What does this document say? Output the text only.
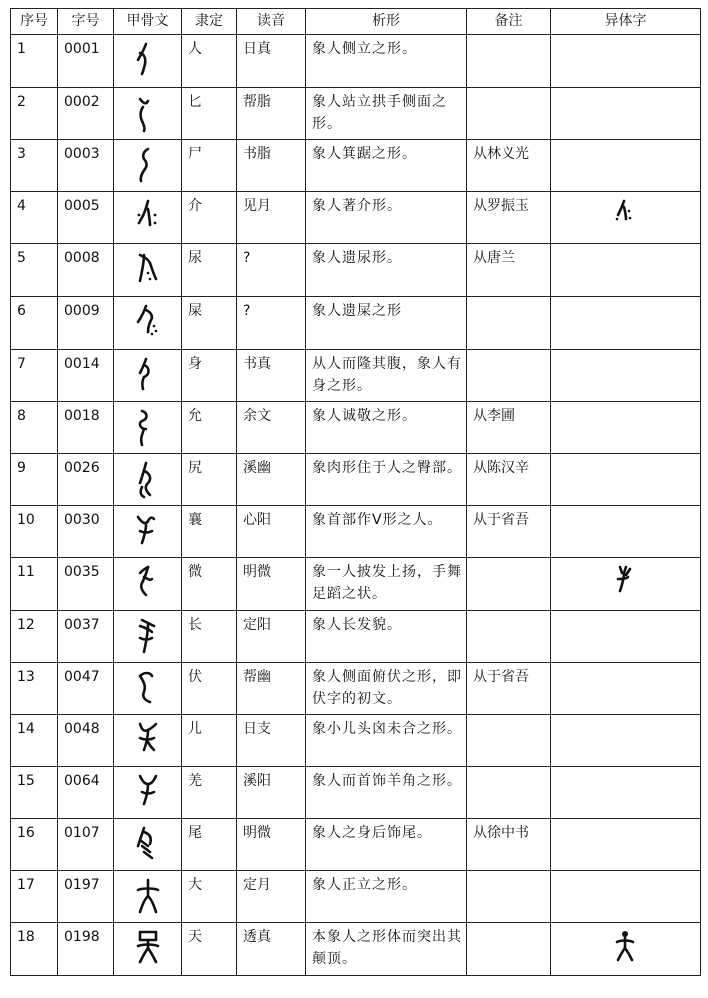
序号	字号	甲骨文	隶定	读音	析形	备注	异体字

1	0001		人	日真	象人侧立之形。		

2	0002		匕	帮脂	象人站立拱手侧面之形。		

3	0003		尸	书脂	象人箕踞之形。	从林义光	

4	0005		介	见月	象人著介形。	从罗振玉

5	0008		尿	?	象人遗尿形。	从唐兰	

6	0009		屎	?	象人遗屎之形		

7	0014		身	书真	从人而隆其腹，象人有身之形。		

8	0018		允	余文	象人诚敬之形。	从李圃	

9	0026		尻	溪幽	象肉形住于人之臀部。	从陈汉辛	

10	0030		襄	心阳	象首部作V形之人。	从于省吾	

11	0035		微	明微	象一人披发上扬，手舞足蹈之状。

12	0037		长	定阳	象人长发貌。		

13	0047		伏	帮幽	象人侧面俯伏之形，即伏字的初文。	从于省吾	

14	0048		儿	日支	象小儿头囟未合之形。		

15	0064		羌	溪阳	象人而首饰羊角之形。		

16	0107		尾	明微	象人之身后饰尾。	从徐中书	

17	0197		大	定月	象人正立之形。		

18	0198		天	透真	本象人之形体而突出其颠顶。
